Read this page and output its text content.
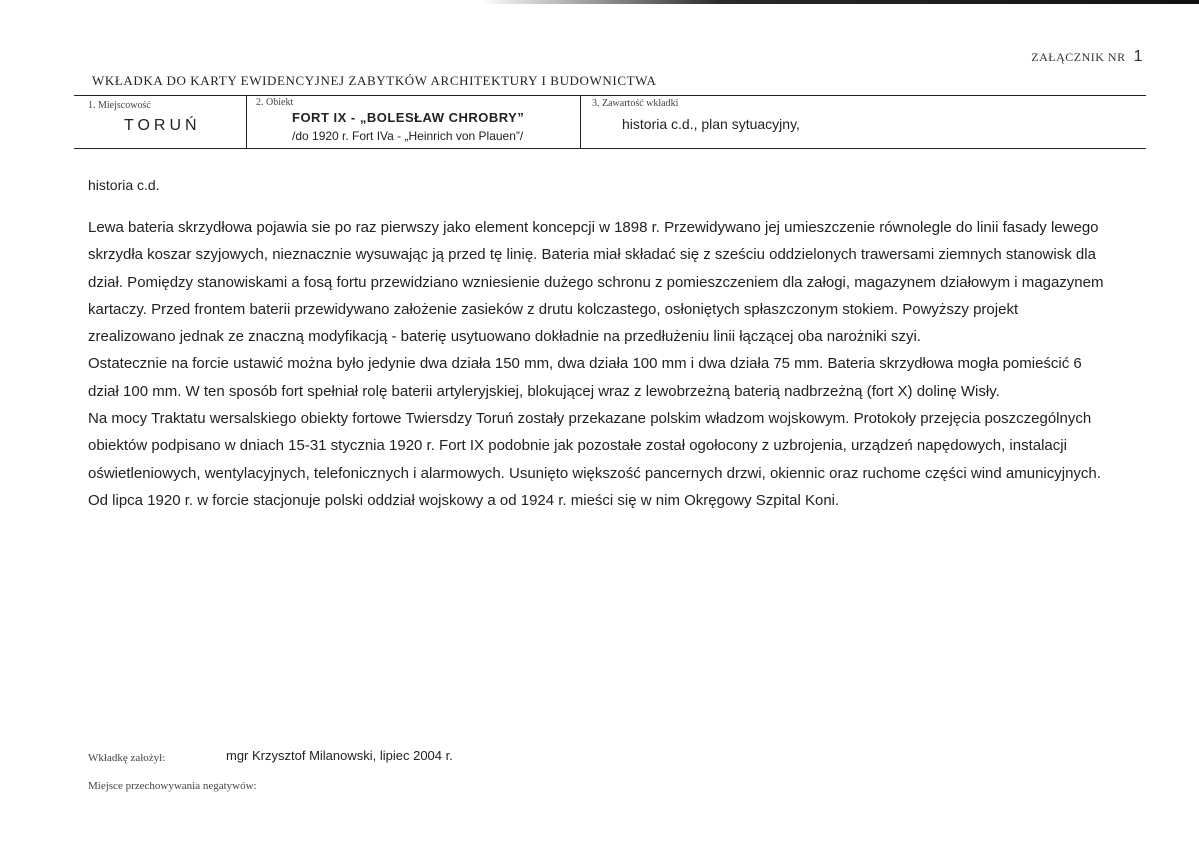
ZAŁĄCZNIK NR 1
WKŁADKA DO KARTY EWIDENCYJNEJ ZABYTKÓW ARCHITEKTURY I BUDOWNICTWA
1. Miejscowość
TORUŃ
2. Obiekt
FORT IX - „BOLESŁAW CHROBRY”
/do 1920 r. Fort IVa - „Heinrich von Plauen”/
3. Zawartość wkładki
historia c.d., plan sytuacyjny,
historia c.d.

Lewa bateria skrzydłowa pojawia sie po raz pierwszy jako element koncepcji w 1898 r. Przewidywano jej umieszczenie równolegle do linii fasady lewego skrzydła koszar szyjowych, nieznacznie wysuwając ją przed tę linię. Bateria miał składać się z sześciu oddzielonych trawersami ziemnych stanowisk dla dział. Pomiędzy stanowiskami a fosą fortu przewidziano wzniesienie dużego schronu z pomieszczeniem dla załogi, magazynem działowym i magazynem kartaczy. Przed frontem baterii przewidywano założenie zasieków z drutu kolczastego, osłoniętych spłaszczonym stokiem. Powyższy projekt zrealizowano jednak ze znaczną modyfikacją - baterię usytuowano dokładnie na przedłużeniu linii łączącej oba narożniki szyi.

Ostatecznie na forcie ustawić można było jedynie dwa działa 150 mm, dwa działa 100 mm i dwa działa 75 mm. Bateria skrzydłowa mogła pomieścić 6 dział 100 mm. W ten sposób fort spełniał rolę baterii artyleryjskiej, blokującej wraz z lewobrzeżną baterią nadbrzeżną (fort X) dolinę Wisły.

Na mocy Traktatu wersalskiego obiekty fortowe Twiersdzy Toruń zostały przekazane polskim władzom wojskowym. Protokoły przejęcia poszczególnych obiektów podpisano w dniach 15-31 stycznia 1920 r. Fort IX podobnie jak pozostałe został ogołocony z uzbrojenia, urządzeń napędowych, instalacji oświetleniowych, wentylacyjnych, telefonicznych i alarmowych. Usunięto większość pancernych drzwi, okiennic oraz ruchome części wind amunicyjnych. Od lipca 1920 r. w forcie stacjonuje polski oddział wojskowy a od 1924 r. mieści się w nim Okręgowy Szpital Koni.

Wkładkę założył:	mgr Krzysztof Milanowski, lipiec 2004 r.
Miejsce przechowywania negatywów:
